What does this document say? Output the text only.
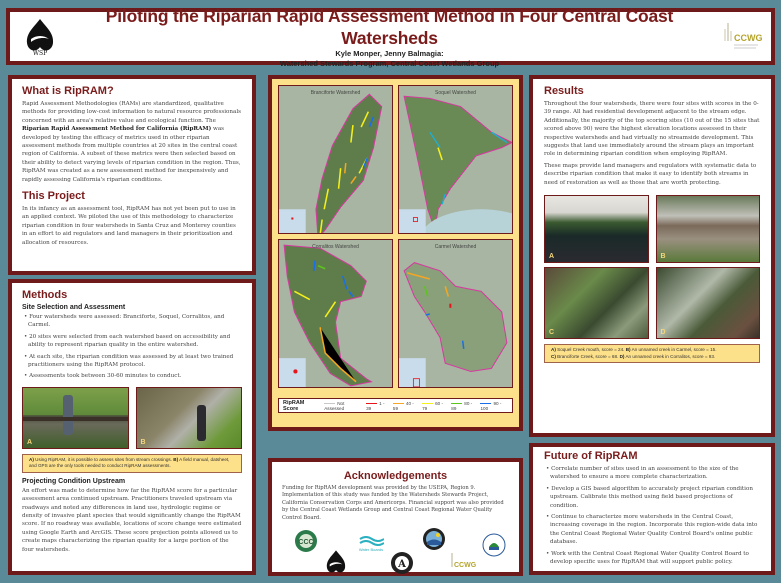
WSP
Piloting the Riparian Rapid Assessment Method in Four Central Coast Watersheds
Kyle Monper, Jenny Balmagia:
Watershed Stewards Program, Central Coast Wetlands Group
CCWG
What is RipRAM?

Rapid Assessment Methodologies (RAMs) are standardized, qualitative methods for providing low-cost information to natural resource professionals concerned with an area's relative value and ecological function. The Riparian Rapid Assessment Method for California (RipRAM) was developed by testing the efficacy of metrics used in other riparian assessment methods from multiple countries at 20 sites in the central coast region of California. A subset of these metrics were then selected based on their ability to detect varying levels of riparian condition in the region. Thus, RipRAM was created as a new assessment method for inexpensively and rapidly assessing California's riparian conditions.

This Project

In its infancy as an assessment tool, RipRAM has not yet been put to use in an applied context. We piloted the use of this methodology to characterize riparian condition in four watersheds in Santa Cruz and Monterey counties in an effort to aid regulators and land managers in their prioritization and allocation of resources.

Methods
Site Selection and Assessment
• Four watersheds were assessed: Branciforte, Soquel, Corralitos, and Carmel.
• 20 sites were selected from each watershed based on accessibility and ability to represent riparian quality in the entire watershed.
• At each site, the riparian condition was assessed by at least two trained practitioners using the RipRAM protocol.
• Assessments took between 30-60 minutes to conduct.
A	B
A) Using RipRAM, it is possible to assess sites from stream crossings. B) A field manual, datsheet, and GPS are the only tools needed to conduct RipRAM assessments.
Projecting Condition Upstream

An effort was made to determine how far the RipRAM score for a particular assessment area continued upstream. Practitioners traveled upstream via roadways and noted any differences in land use, hydrologic regime or density of invasive plant species that would significantly change the RipRAM score. If no roadway was available, locations of score change were estimated using Google Earth and ArcGIS. These score projection points allowed us to create maps characterizing the riparian quality for a large portion of the four watersheds.

Branciforte Watershed	Soquel Watershed
Corralitos Watershed	Carmel Watershed
RipRAM Score
Not Assessed
1 - 39
40 - 59
60 - 79
80 - 89
90 - 100
Acknowledgements

Funding for RipRAM development was provided by the USEPA, Region 9. Implementation of this study was funded by the Watersheds Stewards Project, California Conservation Corps and Americorps. Financial support was also provided by the Central Coast Wetlands Group and Central Coast Regional Water Quality Control Board.

CCC
Water Boards
A	CCWG
Results

Throughout the four watersheds, there were four sites with scores in the 0-39 range. All had residential development adjacent to the stream edge. Additionally, the majority of the top scoring sites (10 out of the 15 sites that scored above 90) were the highest elevation locations assessed in their respective watersheds and had virtually no streamside development. This suggests that land use immediately around the stream plays an important role in determining riparian condition when employing RipRAM.

These maps provide land managers and regulators with systematic data to describe riparian condition that make it easy to identify both streams in need of restoration as well as those that are worth protecting.

A	B
C	D
A) Soquel Creek mouth, score = 24. B) An unnamed creek in Carmel, score = 15.
C) Branciforte Creek, score = 68. D) An unnamed creek in Corralitos, score = 93.
Future of RipRAM
• Correlate number of sites used in an assessment to the size of the watershed to ensure a more complete characterization.
• Develop a GIS based algorithm to accurately project riparian condition upstream. Calibrate this method using field based projections of condition.
• Continue to characterize more watersheds in the Central Coast, increasing coverage in the region. Incorporate this region-wide data into the Central Coast Regional Water Quality Control Board's online public database.
• Work with the Central Coast Regional Water Quality Control Board to develop specific uses for RipRAM that will support public policy.
